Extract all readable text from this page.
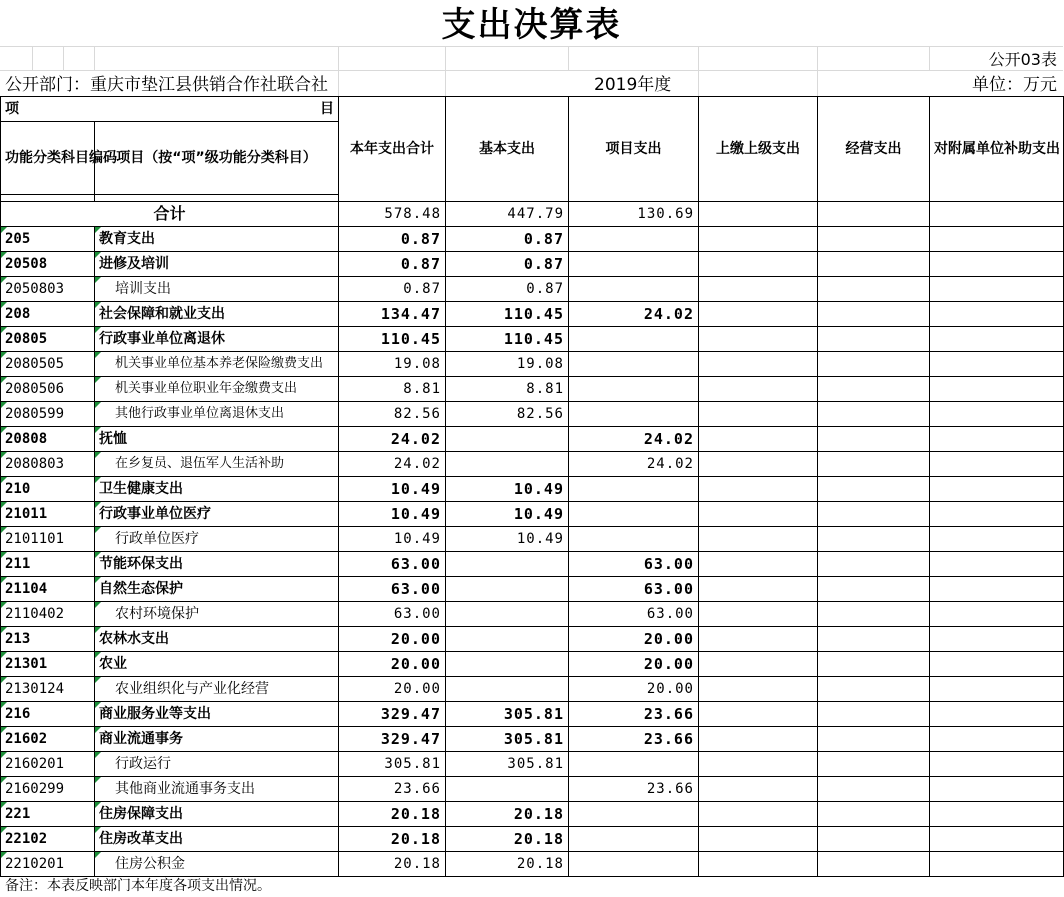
支出决算表
公开03表
公开部门：重庆市垫江县供销合作社联合社	2019年度	单位：万元
项 目		本年支出合计	基本支出	项目支出	上缴上级支出	经营支出	对附属单位补助支出
功能分类科目编码	项目（按“项”级功能分类科目）						

合计		578.48	447.79	130.69			
205	教育支出	0.87	0.87				
20508	进修及培训	0.87	0.87				
2050803	培训支出	0.87	0.87				
208	社会保障和就业支出	134.47	110.45	24.02			
20805	行政事业单位离退休	110.45	110.45				
2080505	机关事业单位基本养老保险缴费支出	19.08	19.08				
2080506	机关事业单位职业年金缴费支出	8.81	8.81				
2080599	其他行政事业单位离退休支出	82.56	82.56				
20808	抚恤	24.02		24.02			
2080803	在乡复员、退伍军人生活补助	24.02		24.02			
210	卫生健康支出	10.49	10.49				
21011	行政事业单位医疗	10.49	10.49				
2101101	行政单位医疗	10.49	10.49				
211	节能环保支出	63.00		63.00			
21104	自然生态保护	63.00		63.00			
2110402	农村环境保护	63.00		63.00			
213	农林水支出	20.00		20.00			
21301	农业	20.00		20.00			
2130124	农业组织化与产业化经营	20.00		20.00			
216	商业服务业等支出	329.47	305.81	23.66			
21602	商业流通事务	329.47	305.81	23.66			
2160201	行政运行	305.81	305.81				
2160299	其他商业流通事务支出	23.66		23.66			
221	住房保障支出	20.18	20.18				
22102	住房改革支出	20.18	20.18				
2210201	住房公积金	20.18	20.18				
备注：本表反映部门本年度各项支出情况。
